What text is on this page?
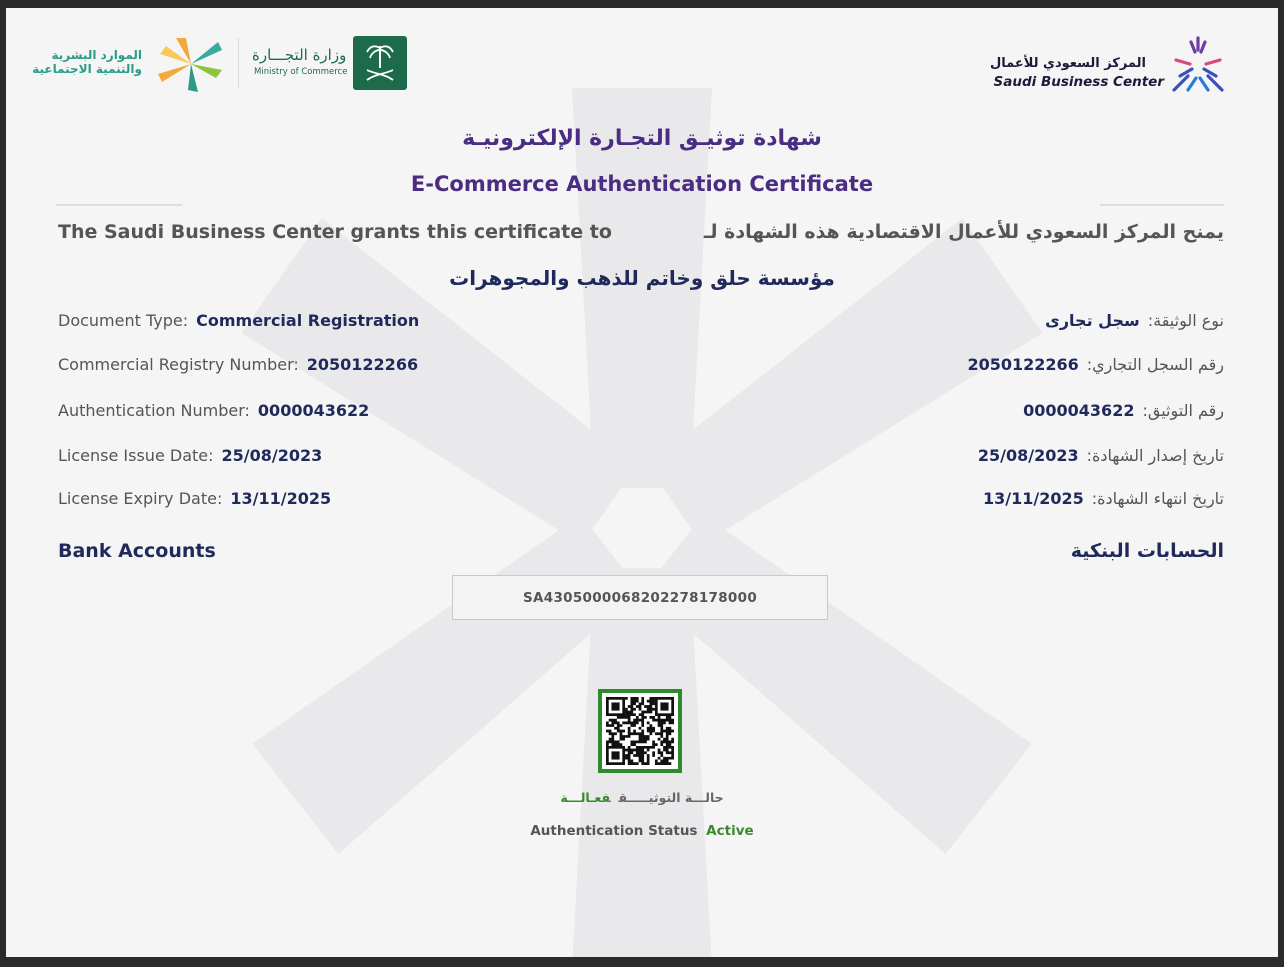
الموارد البشرية
والتنمية الاجتماعية
وزارة التجـــارة
Ministry of Commerce
المركز السعودي للأعمال
Saudi Business Center
شهادة توثيـق التجـارة الإلكترونيـة
E-Commerce Authentication Certificate
The Saudi Business Center grants this certificate to	يمنح المركز السعودي للأعمال الاقتصادية هذه الشهادة لـ
مؤسسة حلق وخاتم للذهب والمجوهرات
Document Type: Commercial Registration	نوع الوثيقة:سجل تجارى
Commercial Registry Number: 2050122266	رقم السجل التجاري:2050122266
Authentication Number: 0000043622	رقم التوثيق:0000043622
License Issue Date: 25/08/2023	تاريخ إصدار الشهادة:25/08/2023
License Expiry Date: 13/11/2025	تاريخ انتهاء الشهادة:13/11/2025
Bank Accounts	الحسابات البنكية
SA4305000068202278178000
حالـــة التوثيـــــقفعـالـــة
Authentication Status Active
